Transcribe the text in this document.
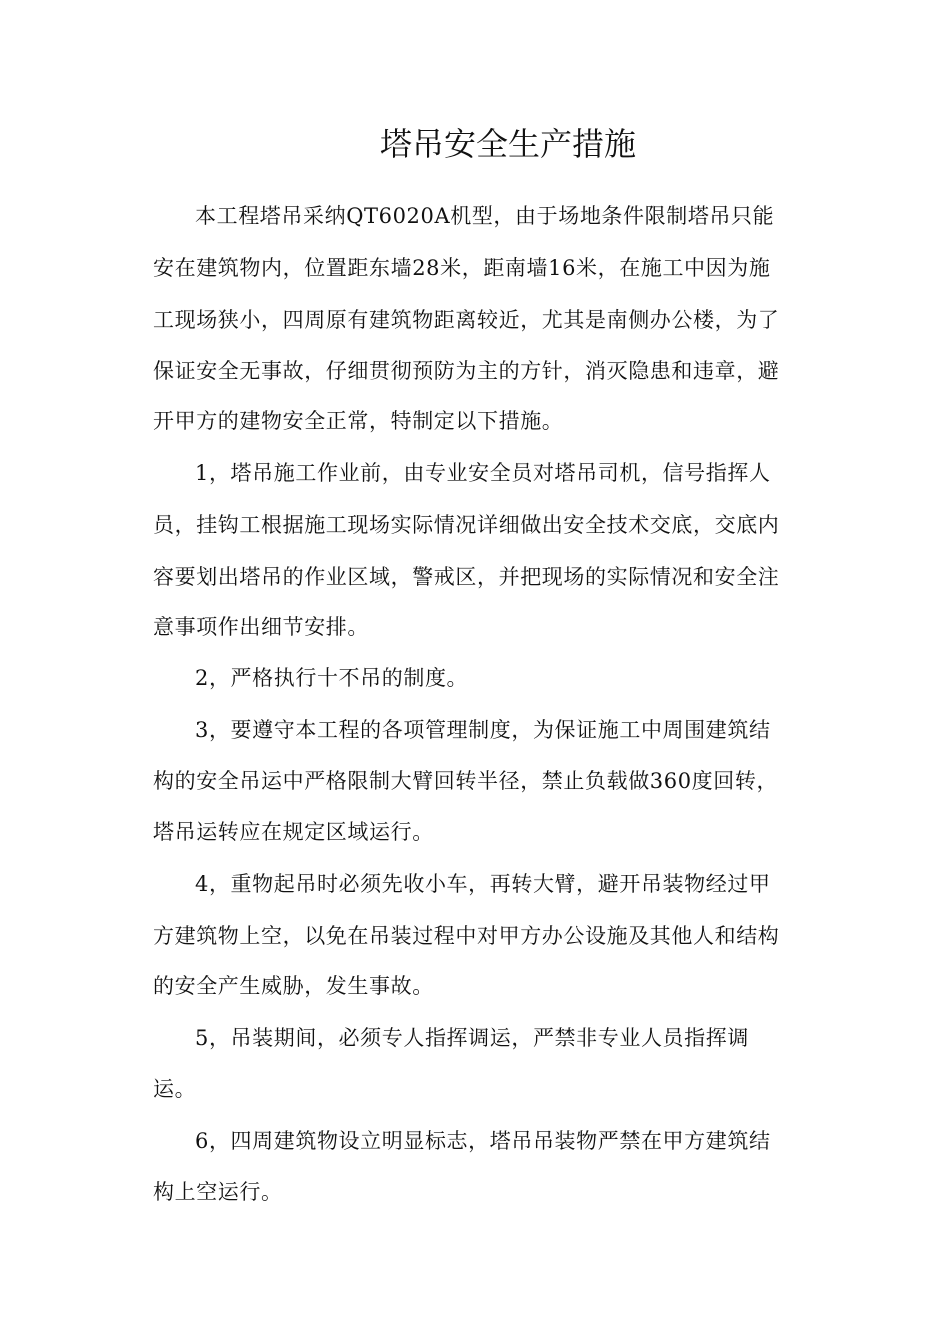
塔吊安全生产措施
本工程塔吊采纳QT6020A机型，由于场地条件限制塔吊只能
安在建筑物内，位置距东墙28米，距南墙16米，在施工中因为施
工现场狭小，四周原有建筑物距离较近，尤其是南侧办公楼，为了
保证安全无事故，仔细贯彻预防为主的方针，消灭隐患和违章，避
开甲方的建物安全正常，特制定以下措施。
1，塔吊施工作业前，由专业安全员对塔吊司机，信号指挥人
员，挂钩工根据施工现场实际情况详细做出安全技术交底，交底内
容要划出塔吊的作业区域，警戒区，并把现场的实际情况和安全注
意事项作出细节安排。
2，严格执行十不吊的制度。
3，要遵守本工程的各项管理制度，为保证施工中周围建筑结
构的安全吊运中严格限制大臂回转半径，禁止负载做360度回转，
塔吊运转应在规定区域运行。
4，重物起吊时必须先收小车，再转大臂，避开吊装物经过甲
方建筑物上空，以免在吊装过程中对甲方办公设施及其他人和结构
的安全产生威胁，发生事故。
5，吊装期间，必须专人指挥调运，严禁非专业人员指挥调
运。
6，四周建筑物设立明显标志，塔吊吊装物严禁在甲方建筑结
构上空运行。
